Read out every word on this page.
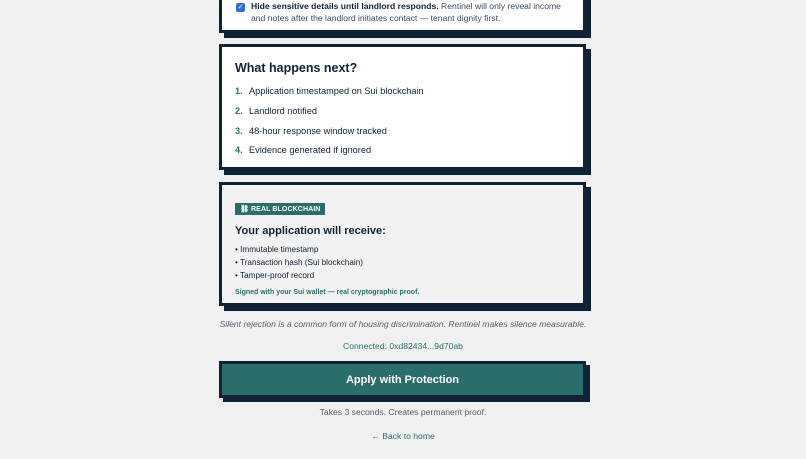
✓ Hide sensitive details until landlord responds. Rentinel will only reveal income and notes after the landlord initiates contact — tenant dignity first.
What happens next?
1. Application timestamped on Sui blockchain
2. Landlord notified
3. 48-hour response window tracked
4. Evidence generated if ignored
⛓ REAL BLOCKCHAIN
Your application will receive:
• Immutable timestamp
• Transaction hash (Sui blockchain)
• Tamper-proof record
Signed with your Sui wallet — real cryptographic proof.
Silent rejection is a common form of housing discrimination. Rentinel makes silence measurable.
Connected: 0xd82434...9d70ab
Apply with Protection
Takes 3 seconds. Creates permanent proof.
← Back to home
